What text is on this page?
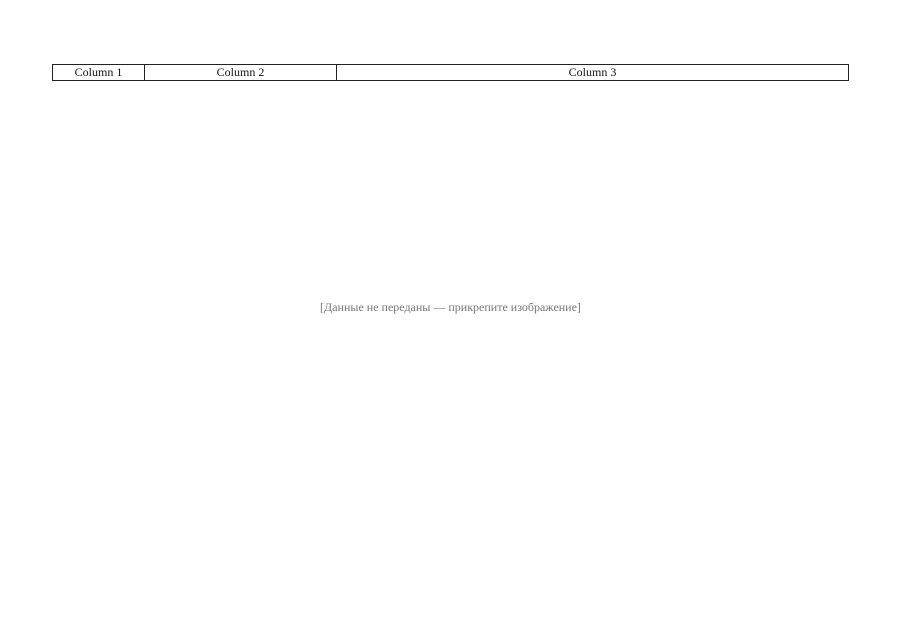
Column 1	Column 2	Column 3
[Данные не переданы — прикрепите изображение]
